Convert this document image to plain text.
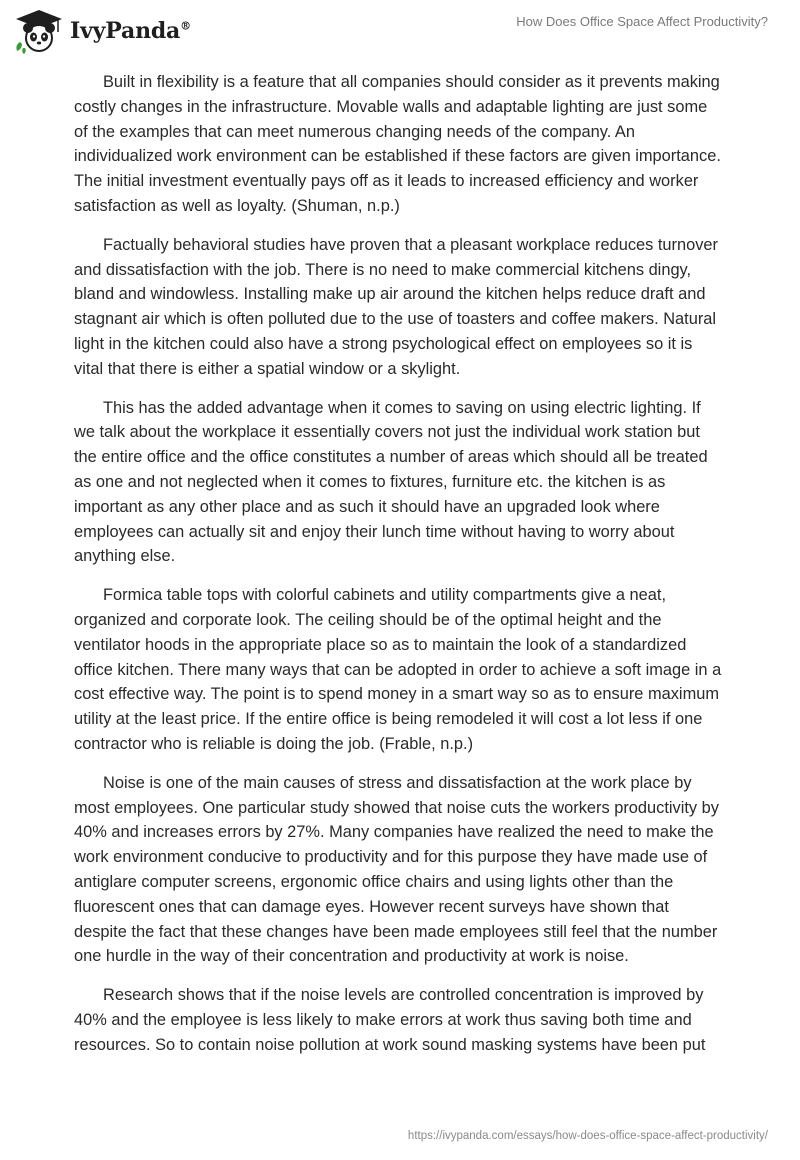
IvyPanda®	How Does Office Space Affect Productivity?

Built in flexibility is a feature that all companies should consider as it prevents making costly changes in the infrastructure. Movable walls and adaptable lighting are just some of the examples that can meet numerous changing needs of the company. An individualized work environment can be established if these factors are given importance. The initial investment eventually pays off as it leads to increased efficiency and worker satisfaction as well as loyalty. (Shuman, n.p.)

Factually behavioral studies have proven that a pleasant workplace reduces turnover and dissatisfaction with the job. There is no need to make commercial kitchens dingy, bland and windowless. Installing make up air around the kitchen helps reduce draft and stagnant air which is often polluted due to the use of toasters and coffee makers. Natural light in the kitchen could also have a strong psychological effect on employees so it is vital that there is either a spatial window or a skylight.

This has the added advantage when it comes to saving on using electric lighting. If we talk about the workplace it essentially covers not just the individual work station but the entire office and the office constitutes a number of areas which should all be treated as one and not neglected when it comes to fixtures, furniture etc. the kitchen is as important as any other place and as such it should have an upgraded look where employees can actually sit and enjoy their lunch time without having to worry about anything else.

Formica table tops with colorful cabinets and utility compartments give a neat, organized and corporate look. The ceiling should be of the optimal height and the ventilator hoods in the appropriate place so as to maintain the look of a standardized office kitchen. There many ways that can be adopted in order to achieve a soft image in a cost effective way. The point is to spend money in a smart way so as to ensure maximum utility at the least price. If the entire office is being remodeled it will cost a lot less if one contractor who is reliable is doing the job. (Frable, n.p.)

Noise is one of the main causes of stress and dissatisfaction at the work place by most employees. One particular study showed that noise cuts the workers productivity by 40% and increases errors by 27%. Many companies have realized the need to make the work environment conducive to productivity and for this purpose they have made use of antiglare computer screens, ergonomic office chairs and using lights other than the fluorescent ones that can damage eyes. However recent surveys have shown that despite the fact that these changes have been made employees still feel that the number one hurdle in the way of their concentration and productivity at work is noise.

Research shows that if the noise levels are controlled concentration is improved by 40% and the employee is less likely to make errors at work thus saving both time and resources. So to contain noise pollution at work sound masking systems have been put

https://ivypanda.com/essays/how-does-office-space-affect-productivity/
